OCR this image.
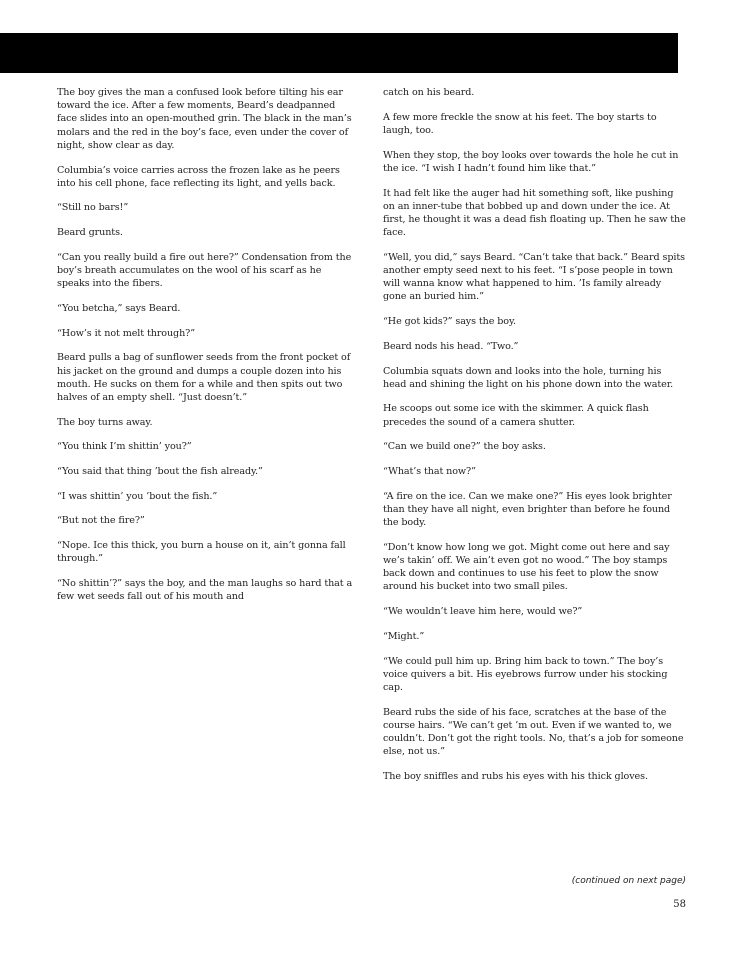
The boy gives the man a confused look before tilting his ear toward the ice. After a few moments, Beard’s deadpanned face slides into an open-mouthed grin. The black in the man’s molars and the red in the boy’s face, even under the cover of night, show clear as day.

Columbia’s voice carries across the frozen lake as he peers into his cell phone, face reflecting its light, and yells back.

“Still no bars!”

Beard grunts.

“Can you really build a fire out here?” Condensation from the boy’s breath accumulates on the wool of his scarf as he speaks into the fibers.

“You betcha,” says Beard.

“How’s it not melt through?”

Beard pulls a bag of sunflower seeds from the front pocket of his jacket on the ground and dumps a couple dozen into his mouth. He sucks on them for a while and then spits out two halves of an empty shell. “Just doesn’t.”

The boy turns away.

“You think I’m shittin’ you?”

“You said that thing ’bout the fish already.”

“I was shittin’ you ’bout the fish.”

“But not the fire?”

“Nope. Ice this thick, you burn a house on it, ain’t gonna fall through.”

“No shittin’?” says the boy, and the man laughs so hard that a few wet seeds fall out of his mouth and

catch on his beard.

A few more freckle the snow at his feet. The boy starts to laugh, too.

When they stop, the boy looks over towards the hole he cut in the ice. “I wish I hadn’t found him like that.”

It had felt like the auger had hit something soft, like pushing on an inner-tube that bobbed up and down under the ice. At first, he thought it was a dead fish floating up. Then he saw the face.

“Well, you did,” says Beard. “Can’t take that back.” Beard spits another empty seed next to his feet. “I s’pose people in town will wanna know what happened to him. ’Is family already gone an buried him.”

“He got kids?” says the boy.

Beard nods his head. “Two.”

Columbia squats down and looks into the hole, turning his head and shining the light on his phone down into the water.

He scoops out some ice with the skimmer. A quick flash precedes the sound of a camera shutter.

“Can we build one?” the boy asks.

“What’s that now?”

“A fire on the ice. Can we make one?” His eyes look brighter than they have all night, even brighter than before he found the body.

“Don’t know how long we got. Might come out here and say we’s takin’ off. We ain’t even got no wood.” The boy stamps back down and continues to use his feet to plow the snow around his bucket into two small piles.

“We wouldn’t leave him here, would we?”

“Might.”

“We could pull him up. Bring him back to town.” The boy’s voice quivers a bit. His eyebrows furrow under his stocking cap.

Beard rubs the side of his face, scratches at the base of the course hairs. “We can’t get ’m out. Even if we wanted to, we couldn’t. Don’t got the right tools. No, that’s a job for someone else, not us.”

The boy sniffles and rubs his eyes with his thick gloves.

(continued on next page)
58
